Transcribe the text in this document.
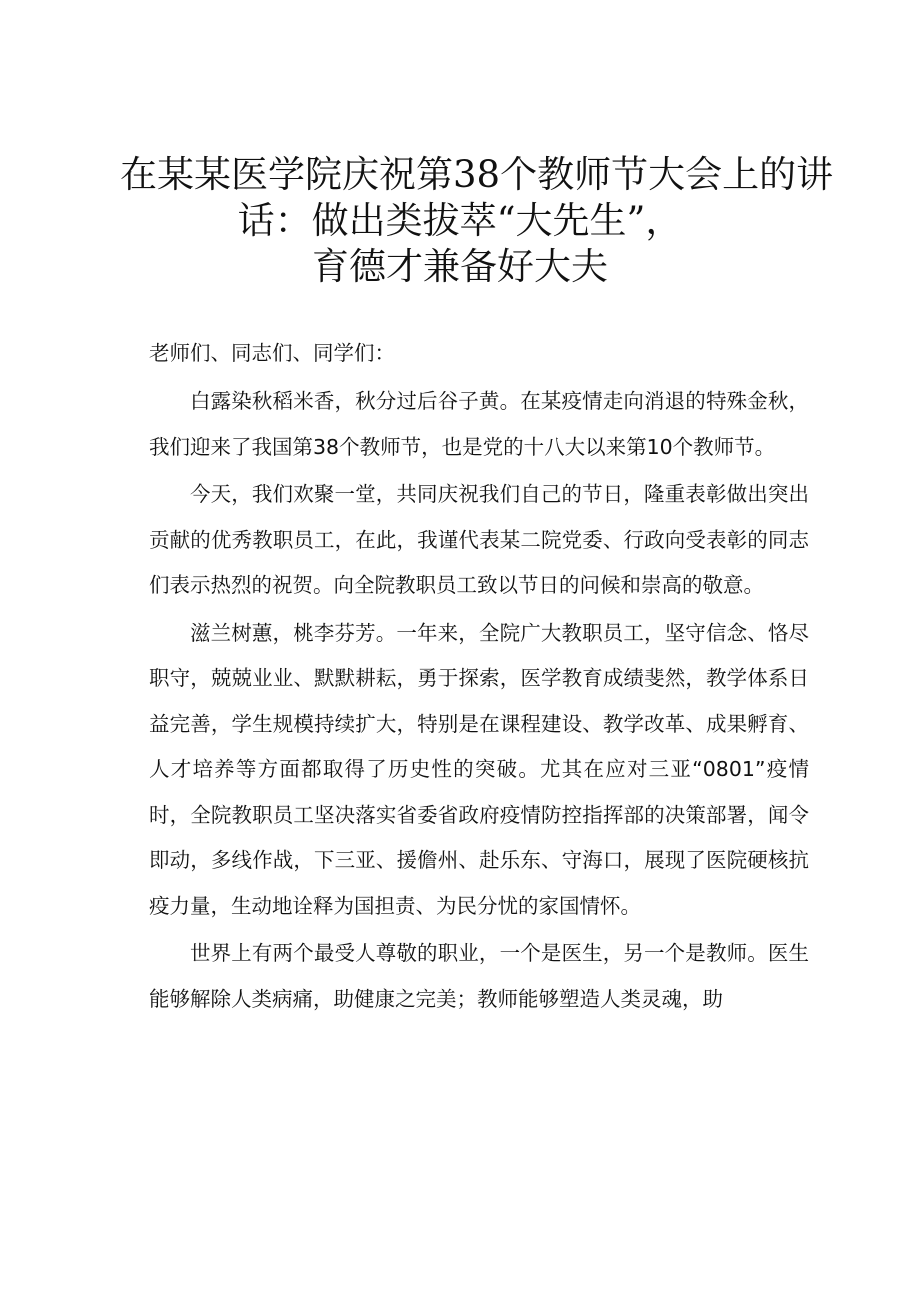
在某某医学院庆祝第38个教师节大会上的讲
话：做出类拔萃“大先生”，
育德才兼备好大夫

老师们、同志们、同学们：

白露染秋稻米香，秋分过后谷子黄。在某疫情走向消退的特殊金秋，我们迎来了我国第38个教师节，也是党的十八大以来第10个教师节。

今天，我们欢聚一堂，共同庆祝我们自己的节日，隆重表彰做出突出贡献的优秀教职员工，在此，我谨代表某二院党委、行政向受表彰的同志们表示热烈的祝贺。向全院教职员工致以节日的问候和崇高的敬意。

滋兰树蕙，桃李芬芳。一年来，全院广大教职员工，坚守信念、恪尽职守，兢兢业业、默默耕耘，勇于探索，医学教育成绩斐然，教学体系日益完善，学生规模持续扩大，特别是在课程建设、教学改革、成果孵育、人才培养等方面都取得了历史性的突破。尤其在应对三亚“0801”疫情时，全院教职员工坚决落实省委省政府疫情防控指挥部的决策部署，闻令即动，多线作战，下三亚、援儋州、赴乐东、守海口，展现了医院硬核抗疫力量，生动地诠释为国担责、为民分忧的家国情怀。

世界上有两个最受人尊敬的职业，一个是医生，另一个是教师。医生能够解除人类病痛，助健康之完美；教师能够塑造人类灵魂，助
